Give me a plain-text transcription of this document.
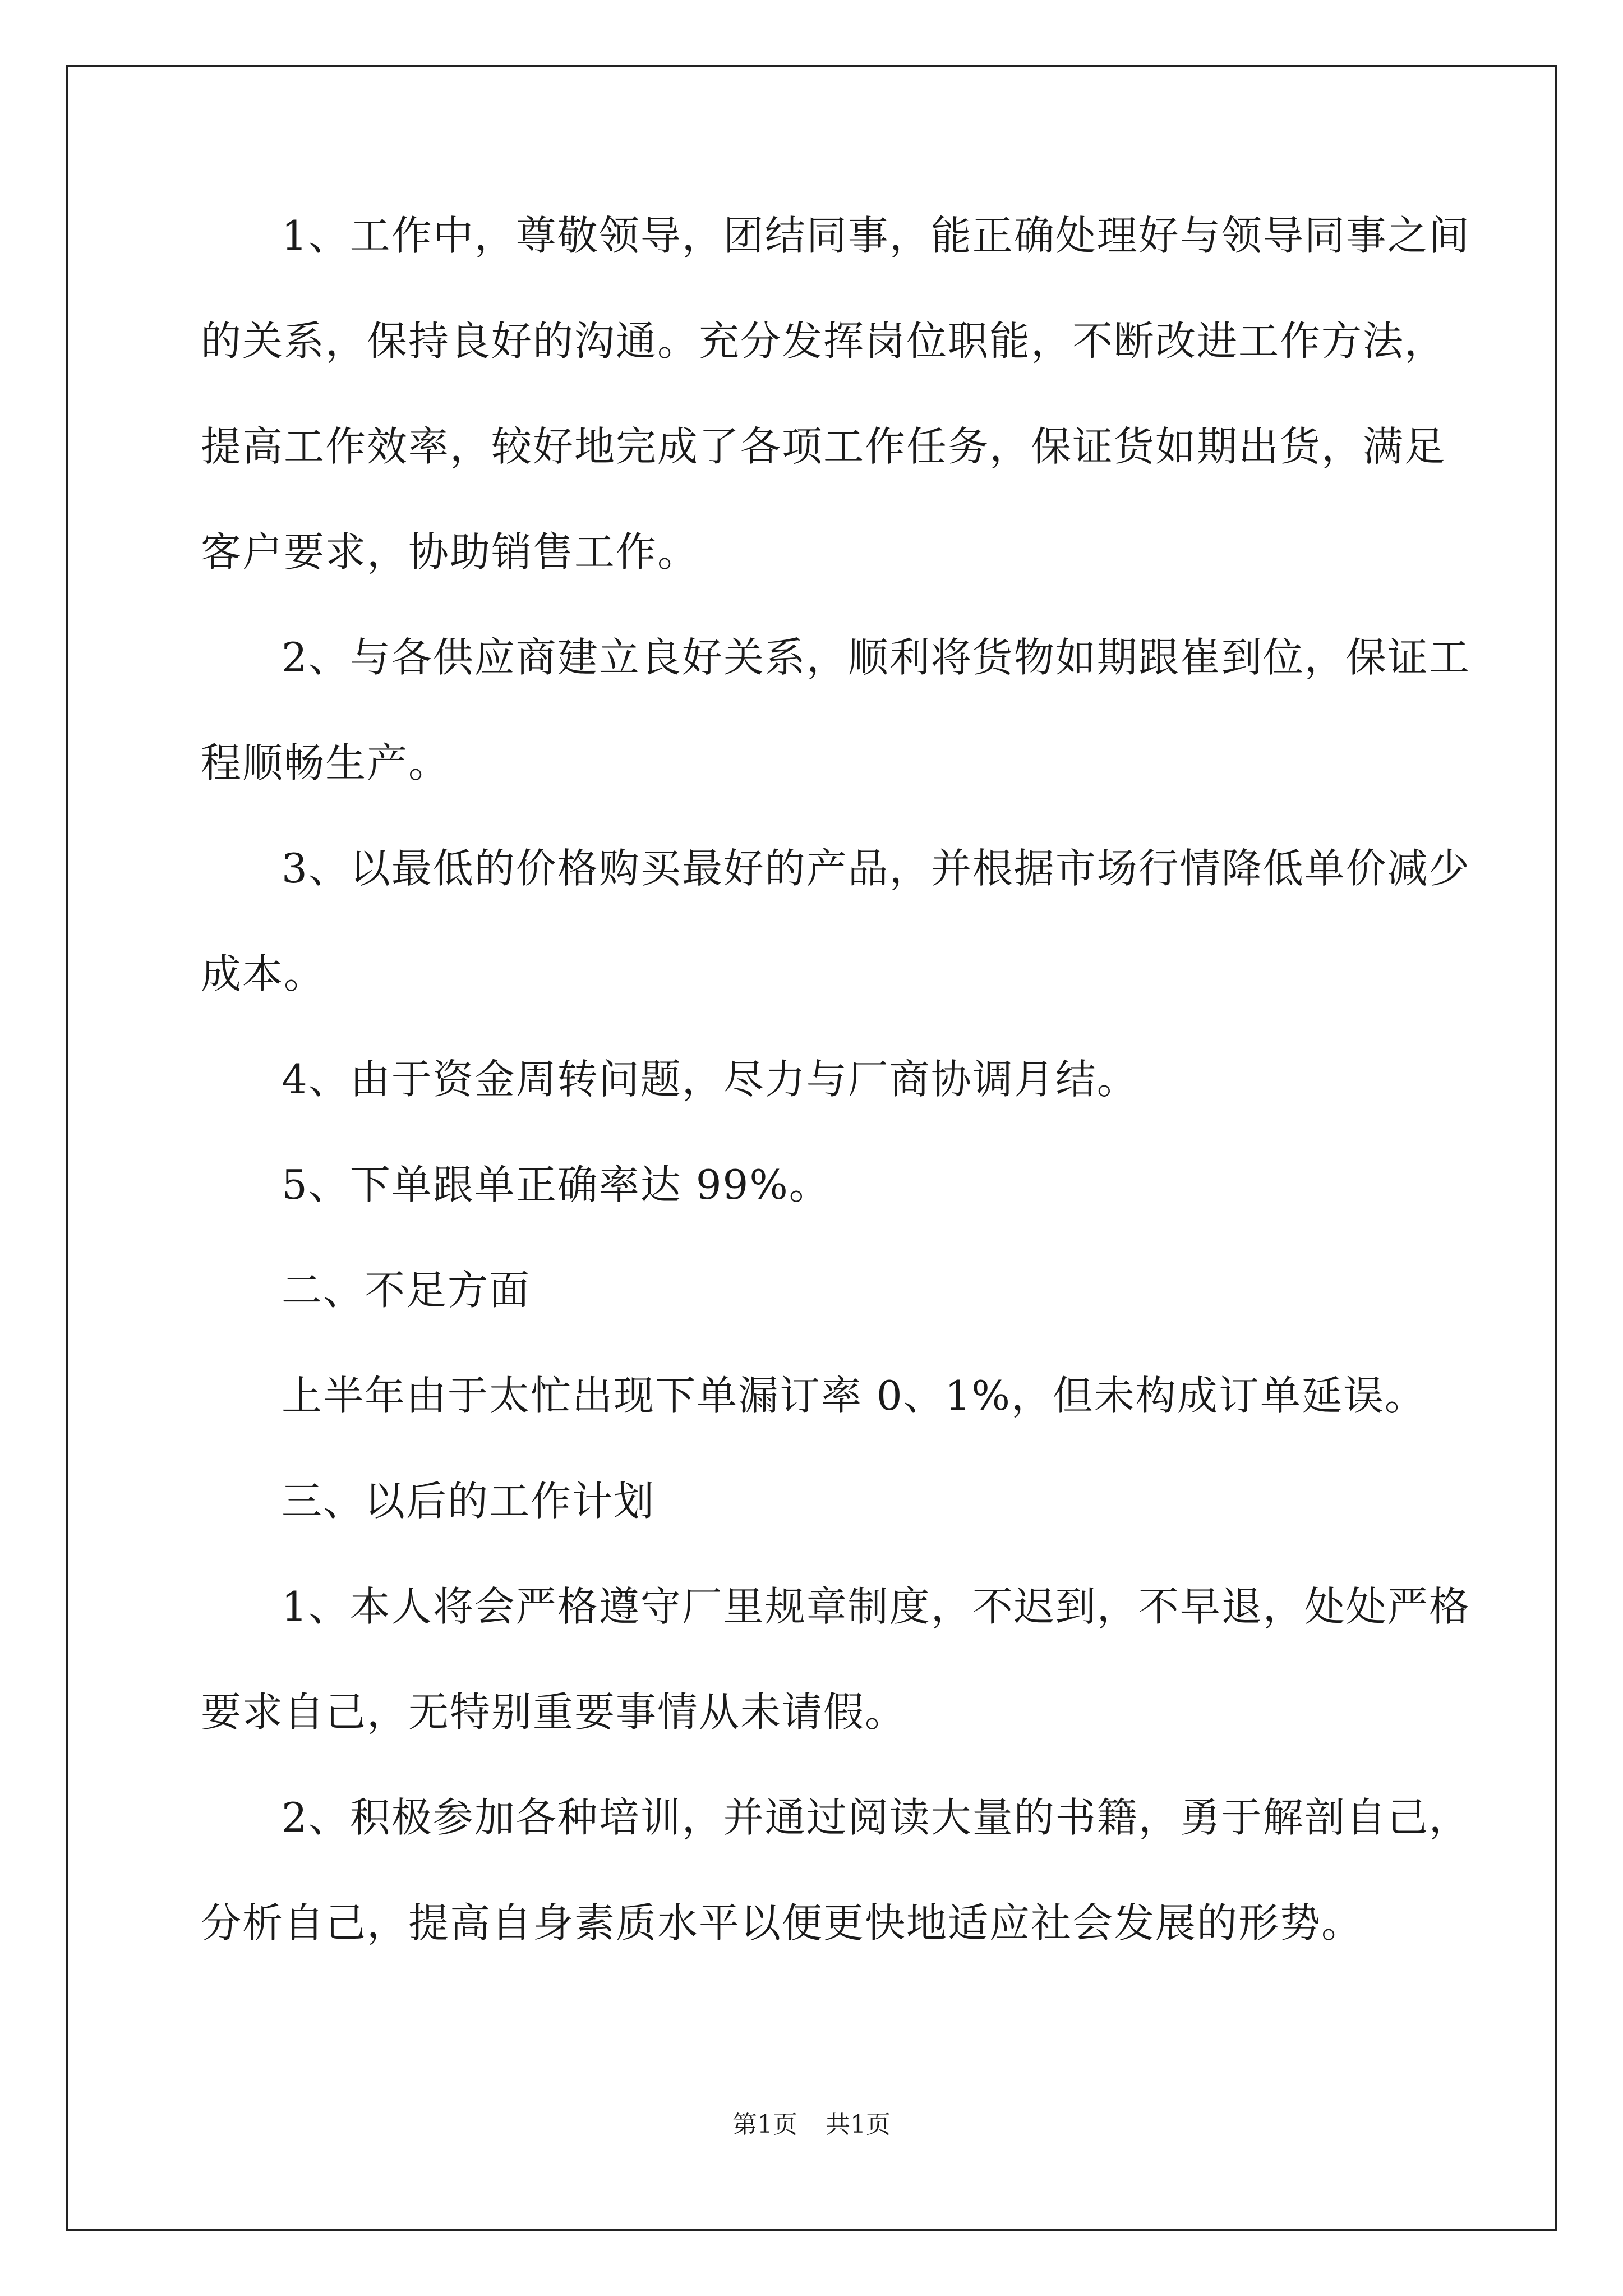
1、工作中，尊敬领导，团结同事，能正确处理好与领导同事之间
的关系，保持良好的沟通。充分发挥岗位职能，不断改进工作方法，
提高工作效率，较好地完成了各项工作任务，保证货如期出货，满足
客户要求，协助销售工作。
2、与各供应商建立良好关系，顺利将货物如期跟崔到位，保证工
程顺畅生产。
3、以最低的价格购买最好的产品，并根据市场行情降低单价减少
成本。
4、由于资金周转问题，尽力与厂商协调月结。
5、下单跟单正确率达 99%。
二、不足方面
上半年由于太忙出现下单漏订率 0、1%，但未构成订单延误。
三、以后的工作计划
1、本人将会严格遵守厂里规章制度，不迟到，不早退，处处严格
要求自己，无特别重要事情从未请假。
2、积极参加各种培训，并通过阅读大量的书籍，勇于解剖自己，
分析自己，提高自身素质水平以便更快地适应社会发展的形势。
第1页 共1页
